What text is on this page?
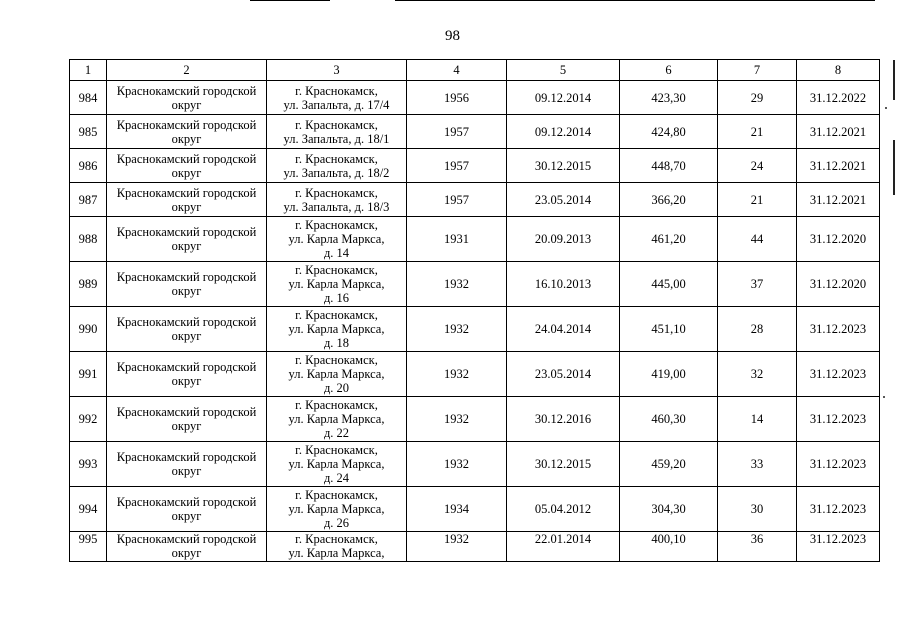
98
1	2	3	4	5	6	7	8
984	Краснокамский городской округ	г. Краснокамск,
ул. Запальта, д. 17/4	1956	09.12.2014	423,30	29	31.12.2022
985	Краснокамский городской округ	г. Краснокамск,
ул. Запальта, д. 18/1	1957	09.12.2014	424,80	21	31.12.2021
986	Краснокамский городской округ	г. Краснокамск,
ул. Запальта, д. 18/2	1957	30.12.2015	448,70	24	31.12.2021
987	Краснокамский городской округ	г. Краснокамск,
ул. Запальта, д. 18/3	1957	23.05.2014	366,20	21	31.12.2021
988	Краснокамский городской округ	г. Краснокамск,
ул. Карла Маркса,
д. 14	1931	20.09.2013	461,20	44	31.12.2020
989	Краснокамский городской округ	г. Краснокамск,
ул. Карла Маркса,
д. 16	1932	16.10.2013	445,00	37	31.12.2020
990	Краснокамский городской округ	г. Краснокамск,
ул. Карла Маркса,
д. 18	1932	24.04.2014	451,10	28	31.12.2023
991	Краснокамский городской округ	г. Краснокамск,
ул. Карла Маркса,
д. 20	1932	23.05.2014	419,00	32	31.12.2023
992	Краснокамский городской округ	г. Краснокамск,
ул. Карла Маркса,
д. 22	1932	30.12.2016	460,30	14	31.12.2023
993	Краснокамский городской округ	г. Краснокамск,
ул. Карла Маркса,
д. 24	1932	30.12.2015	459,20	33	31.12.2023
994	Краснокамский городской округ	г. Краснокамск,
ул. Карла Маркса,
д. 26	1934	05.04.2012	304,30	30	31.12.2023
995	Краснокамский городской округ	г. Краснокамск,
ул. Карла Маркса,	1932	22.01.2014	400,10	36	31.12.2023
